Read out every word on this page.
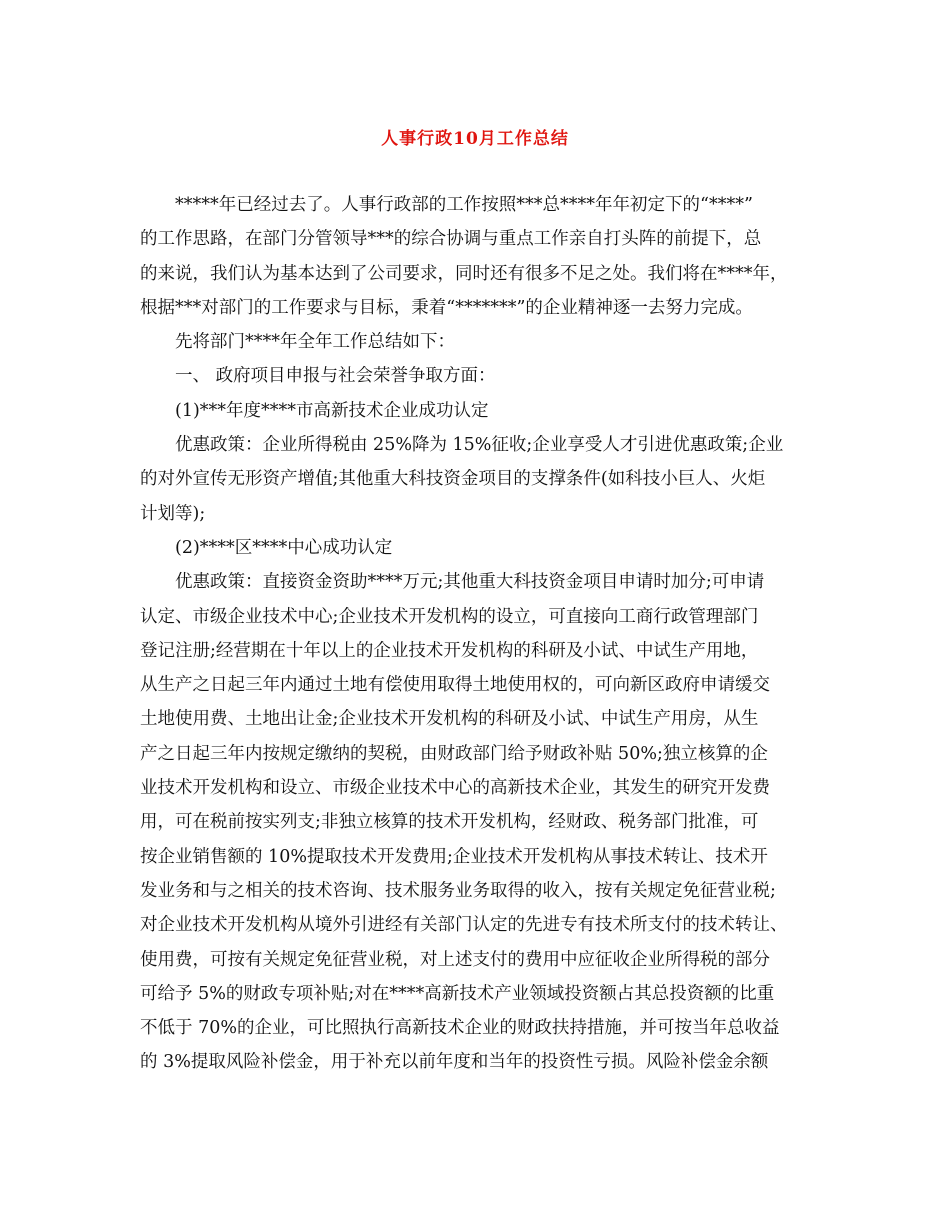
人事行政10月工作总结
*****年已经过去了。人事行政部的工作按照***总****年年初定下的“****”
的工作思路，在部门分管领导***的综合协调与重点工作亲自打头阵的前提下，总
的来说，我们认为基本达到了公司要求，同时还有很多不足之处。我们将在****年，
根据***对部门的工作要求与目标，秉着“*******”的企业精神逐一去努力完成。
先将部门****年全年工作总结如下：
一、 政府项目申报与社会荣誉争取方面：
(1)***年度****市高新技术企业成功认定
优惠政策：企业所得税由 25%降为 15%征收;企业享受人才引进优惠政策;企业
的对外宣传无形资产增值;其他重大科技资金项目的支撑条件(如科技小巨人、火炬
计划等);
(2)****区****中心成功认定
优惠政策：直接资金资助****万元;其他重大科技资金项目申请时加分;可申请
认定、市级企业技术中心;企业技术开发机构的设立，可直接向工商行政管理部门
登记注册;经营期在十年以上的企业技术开发机构的科研及小试、中试生产用地，
从生产之日起三年内通过土地有偿使用取得土地使用权的，可向新区政府申请缓交
土地使用费、土地出让金;企业技术开发机构的科研及小试、中试生产用房，从生
产之日起三年内按规定缴纳的契税，由财政部门给予财政补贴 50%;独立核算的企
业技术开发机构和设立、市级企业技术中心的高新技术企业，其发生的研究开发费
用，可在税前按实列支;非独立核算的技术开发机构，经财政、税务部门批准，可
按企业销售额的 10%提取技术开发费用;企业技术开发机构从事技术转让、技术开
发业务和与之相关的技术咨询、技术服务业务取得的收入，按有关规定免征营业税;
对企业技术开发机构从境外引进经有关部门认定的先进专有技术所支付的技术转让、
使用费，可按有关规定免征营业税，对上述支付的费用中应征收企业所得税的部分
可给予 5%的财政专项补贴;对在****高新技术产业领域投资额占其总投资额的比重
不低于 70%的企业，可比照执行高新技术企业的财政扶持措施，并可按当年总收益
的 3%提取风险补偿金，用于补充以前年度和当年的投资性亏损。风险补偿金余额
